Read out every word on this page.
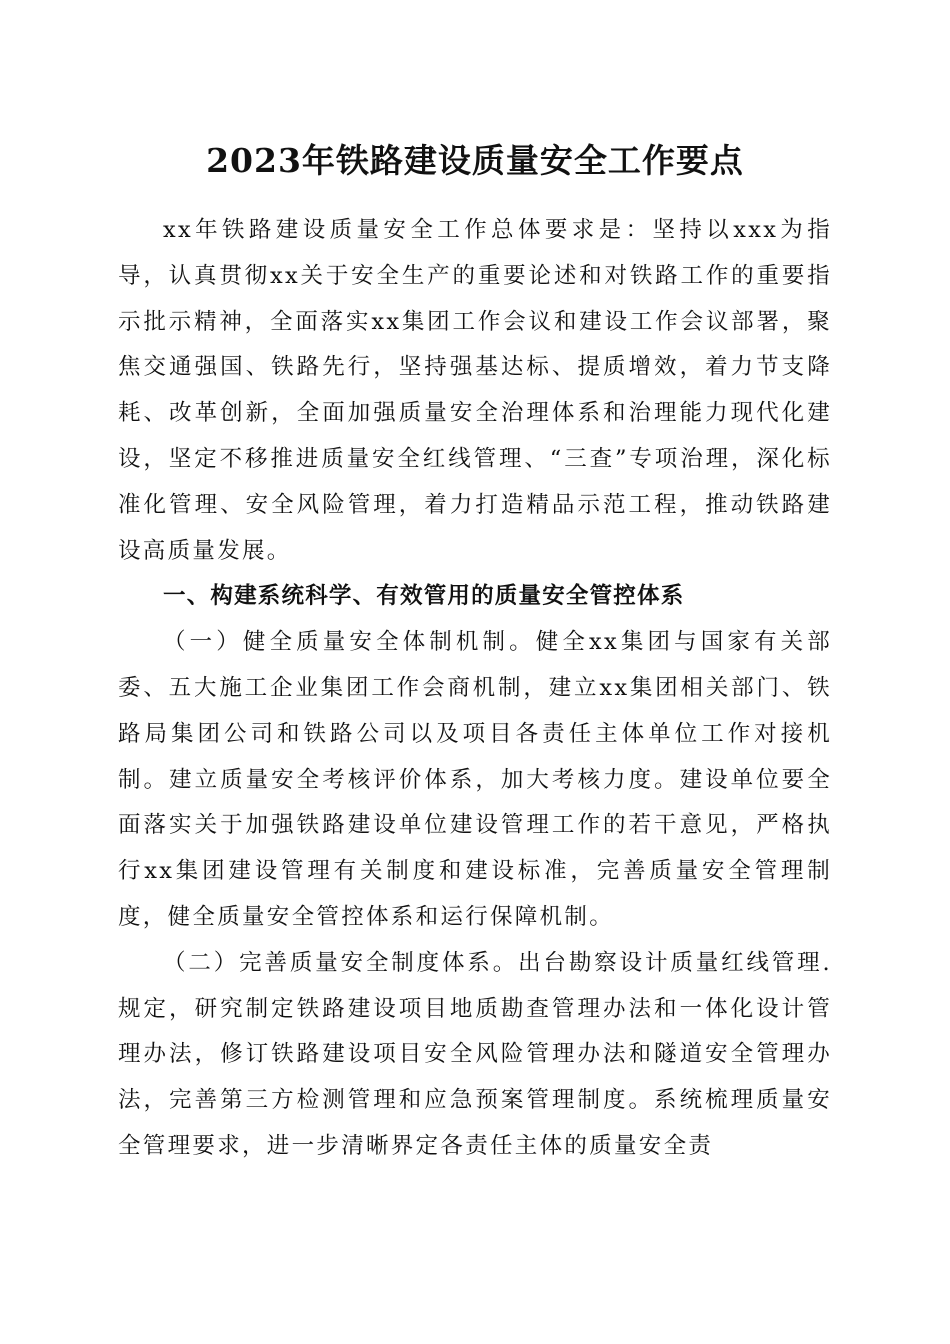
2023年铁路建设质量安全工作要点

xx年铁路建设质量安全工作总体要求是：坚持以xxx为指导，认真贯彻xx关于安全生产的重要论述和对铁路工作的重要指示批示精神，全面落实xx集团工作会议和建设工作会议部署，聚焦交通强国、铁路先行，坚持强基达标、提质增效，着力节支降耗、改革创新，全面加强质量安全治理体系和治理能力现代化建设，坚定不移推进质量安全红线管理、“三查”专项治理，深化标准化管理、安全风险管理，着力打造精品示范工程，推动铁路建设高质量发展。

一、构建系统科学、有效管用的质量安全管控体系

（一）健全质量安全体制机制。健全xx集团与国家有关部委、五大施工企业集团工作会商机制，建立xx集团相关部门、铁路局集团公司和铁路公司以及项目各责任主体单位工作对接机制。建立质量安全考核评价体系，加大考核力度。建设单位要全面落实关于加强铁路建设单位建设管理工作的若干意见，严格执行xx集团建设管理有关制度和建设标准，完善质量安全管理制度，健全质量安全管控体系和运行保障机制。

（二）完善质量安全制度体系。出台勘察设计质量红线管理.规定，研究制定铁路建设项目地质勘查管理办法和一体化设计管理办法，修订铁路建设项目安全风险管理办法和隧道安全管理办法，完善第三方检测管理和应急预案管理制度。系统梳理质量安全管理要求，进一步清晰界定各责任主体的质量安全责
